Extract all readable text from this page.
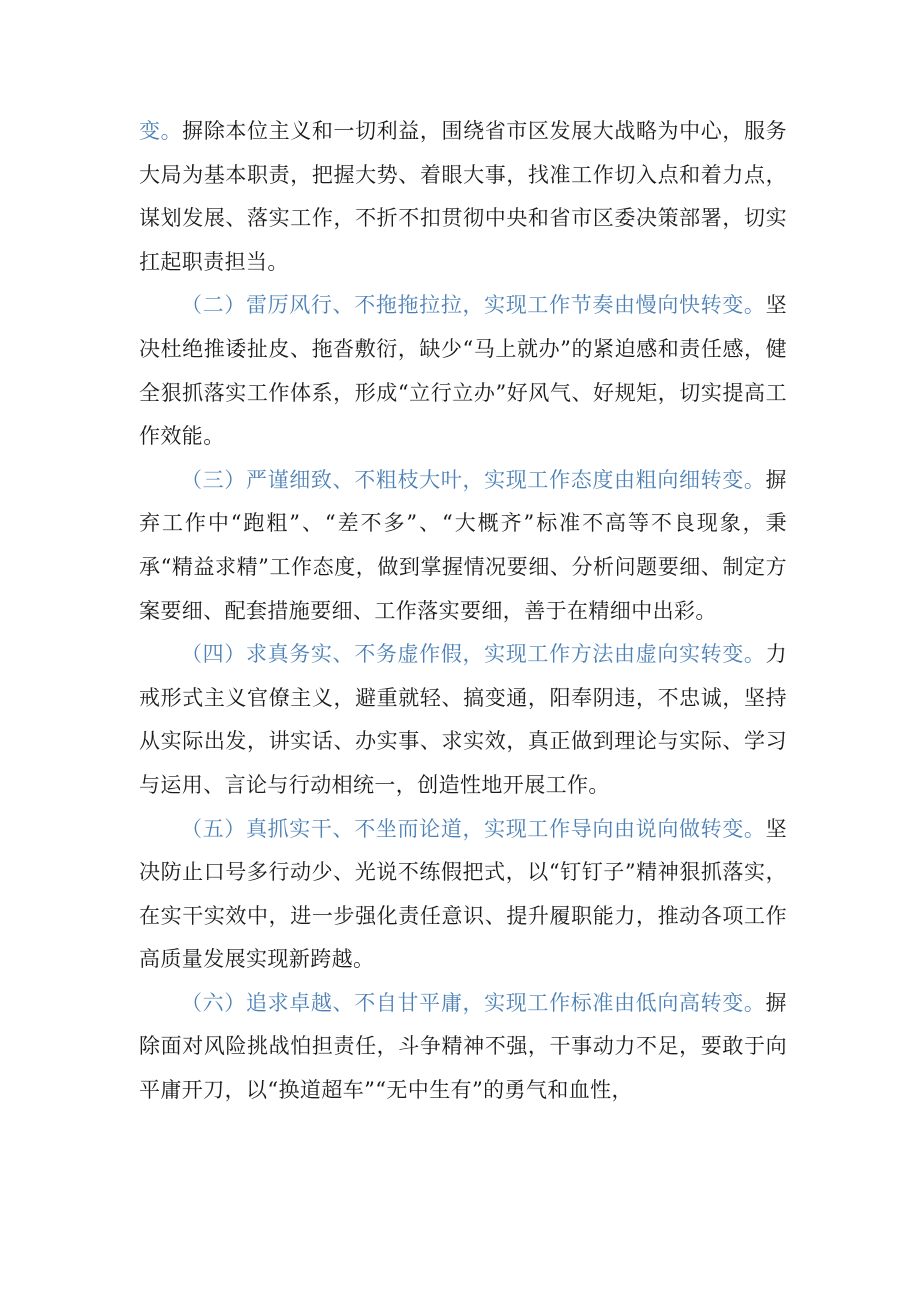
变。摒除本位主义和一切利益，围绕省市区发展大战略为中心，服务大局为基本职责，把握大势、着眼大事，找准工作切入点和着力点，谋划发展、落实工作，不折不扣贯彻中央和省市区委决策部署，切实扛起职责担当。

（二）雷厉风行、不拖拖拉拉，实现工作节奏由慢向快转变。坚决杜绝推诿扯皮、拖沓敷衍，缺少“马上就办”的紧迫感和责任感，健全狠抓落实工作体系，形成“立行立办”好风气、好规矩，切实提高工作效能。

（三）严谨细致、不粗枝大叶，实现工作态度由粗向细转变。摒弃工作中“跑粗”、“差不多”、“大概齐”标准不高等不良现象，秉承“精益求精”工作态度，做到掌握情况要细、分析问题要细、制定方案要细、配套措施要细、工作落实要细，善于在精细中出彩。

（四）求真务实、不务虚作假，实现工作方法由虚向实转变。力戒形式主义官僚主义，避重就轻、搞变通，阳奉阴违，不忠诚，坚持从实际出发，讲实话、办实事、求实效，真正做到理论与实际、学习与运用、言论与行动相统一，创造性地开展工作。

（五）真抓实干、不坐而论道，实现工作导向由说向做转变。坚决防止口号多行动少、光说不练假把式，以“钉钉子”精神狠抓落实，在实干实效中，进一步强化责任意识、提升履职能力，推动各项工作高质量发展实现新跨越。

（六）追求卓越、不自甘平庸，实现工作标准由低向高转变。摒除面对风险挑战怕担责任，斗争精神不强，干事动力不足，要敢于向平庸开刀，以“换道超车”“无中生有”的勇气和血性，
